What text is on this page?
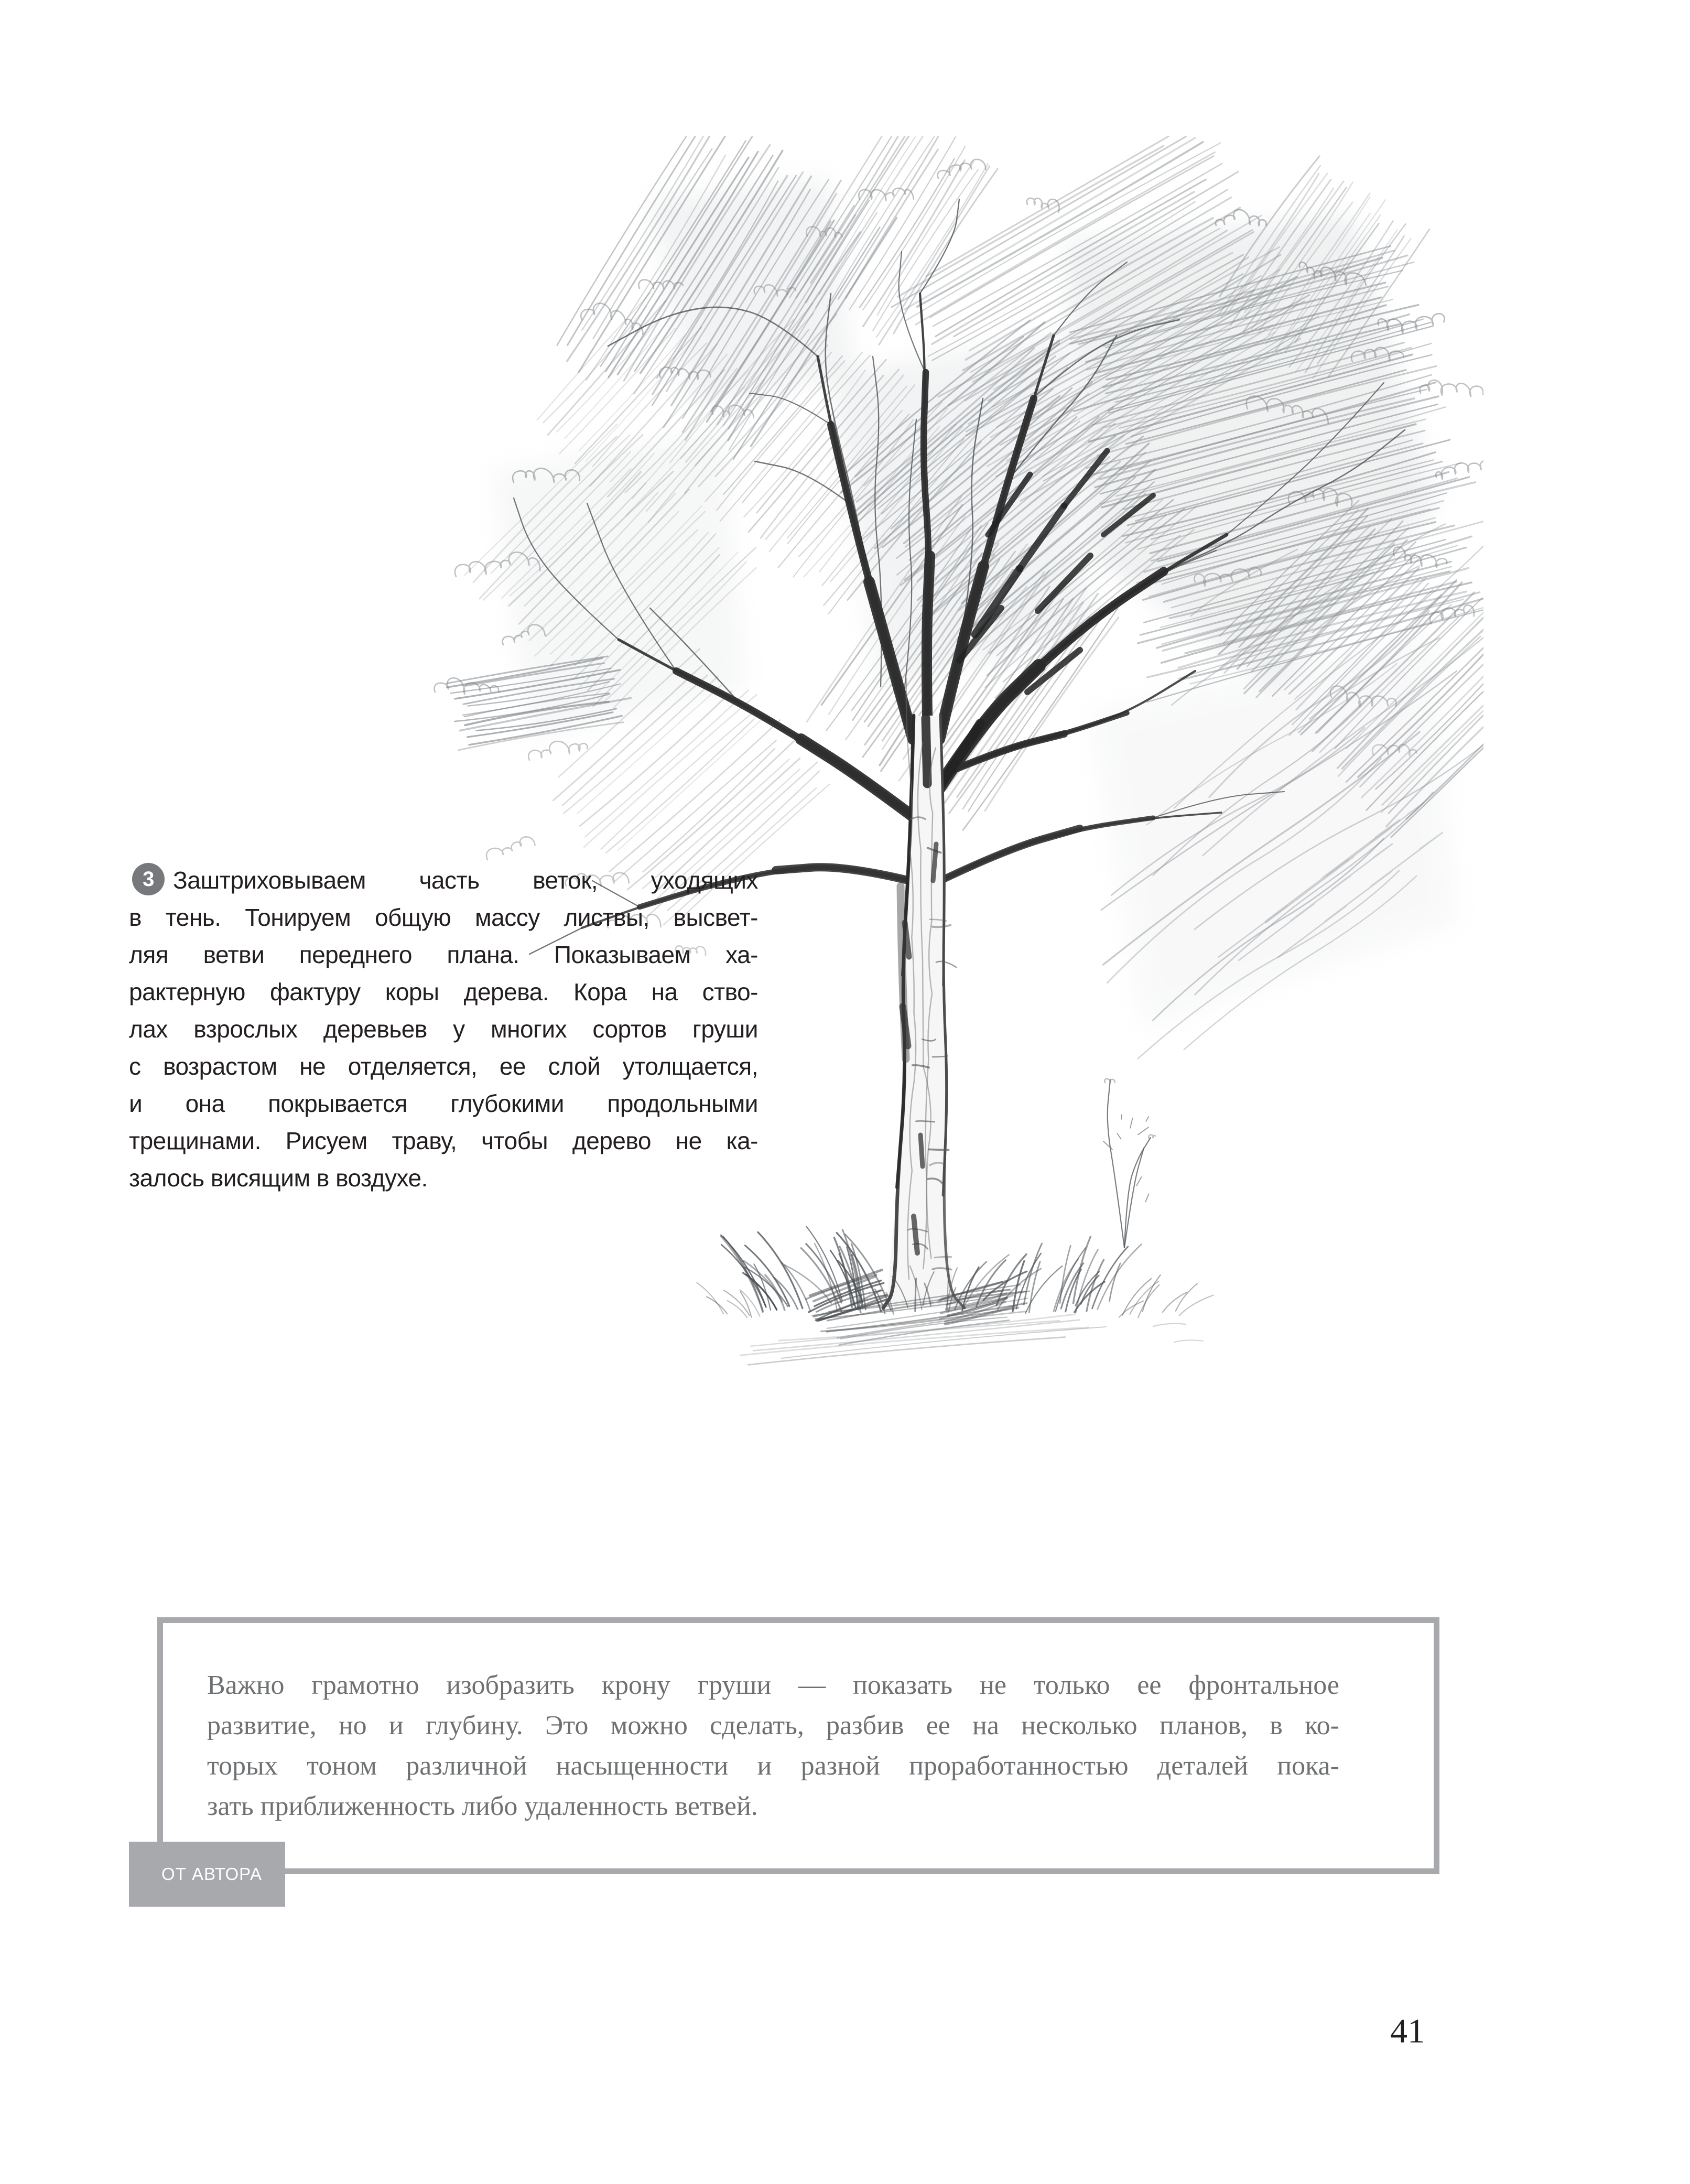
3 Заштриховываем часть веток, уходящих
в тень. Тонируем общую массу листвы, высвет-
ляя ветви переднего плана. Показываем ха-
рактерную фактуру коры дерева. Кора на ство-
лах взрослых деревьев у многих сортов груши
с возрастом не отделяется, ее слой утолщается,
и она покрывается глубокими продольными
трещинами. Рисуем траву, чтобы дерево не ка-
залось висящим в воздухе.
Важно грамотно изобразить крону груши — показать не только ее фронтальное
развитие, но и глубину. Это можно сделать, разбив ее на несколько планов, в ко-
торых тоном различной насыщенности и разной проработанностью деталей пока-
зать приближенность либо удаленность ветвей.
ОТ АВТОРА
41
